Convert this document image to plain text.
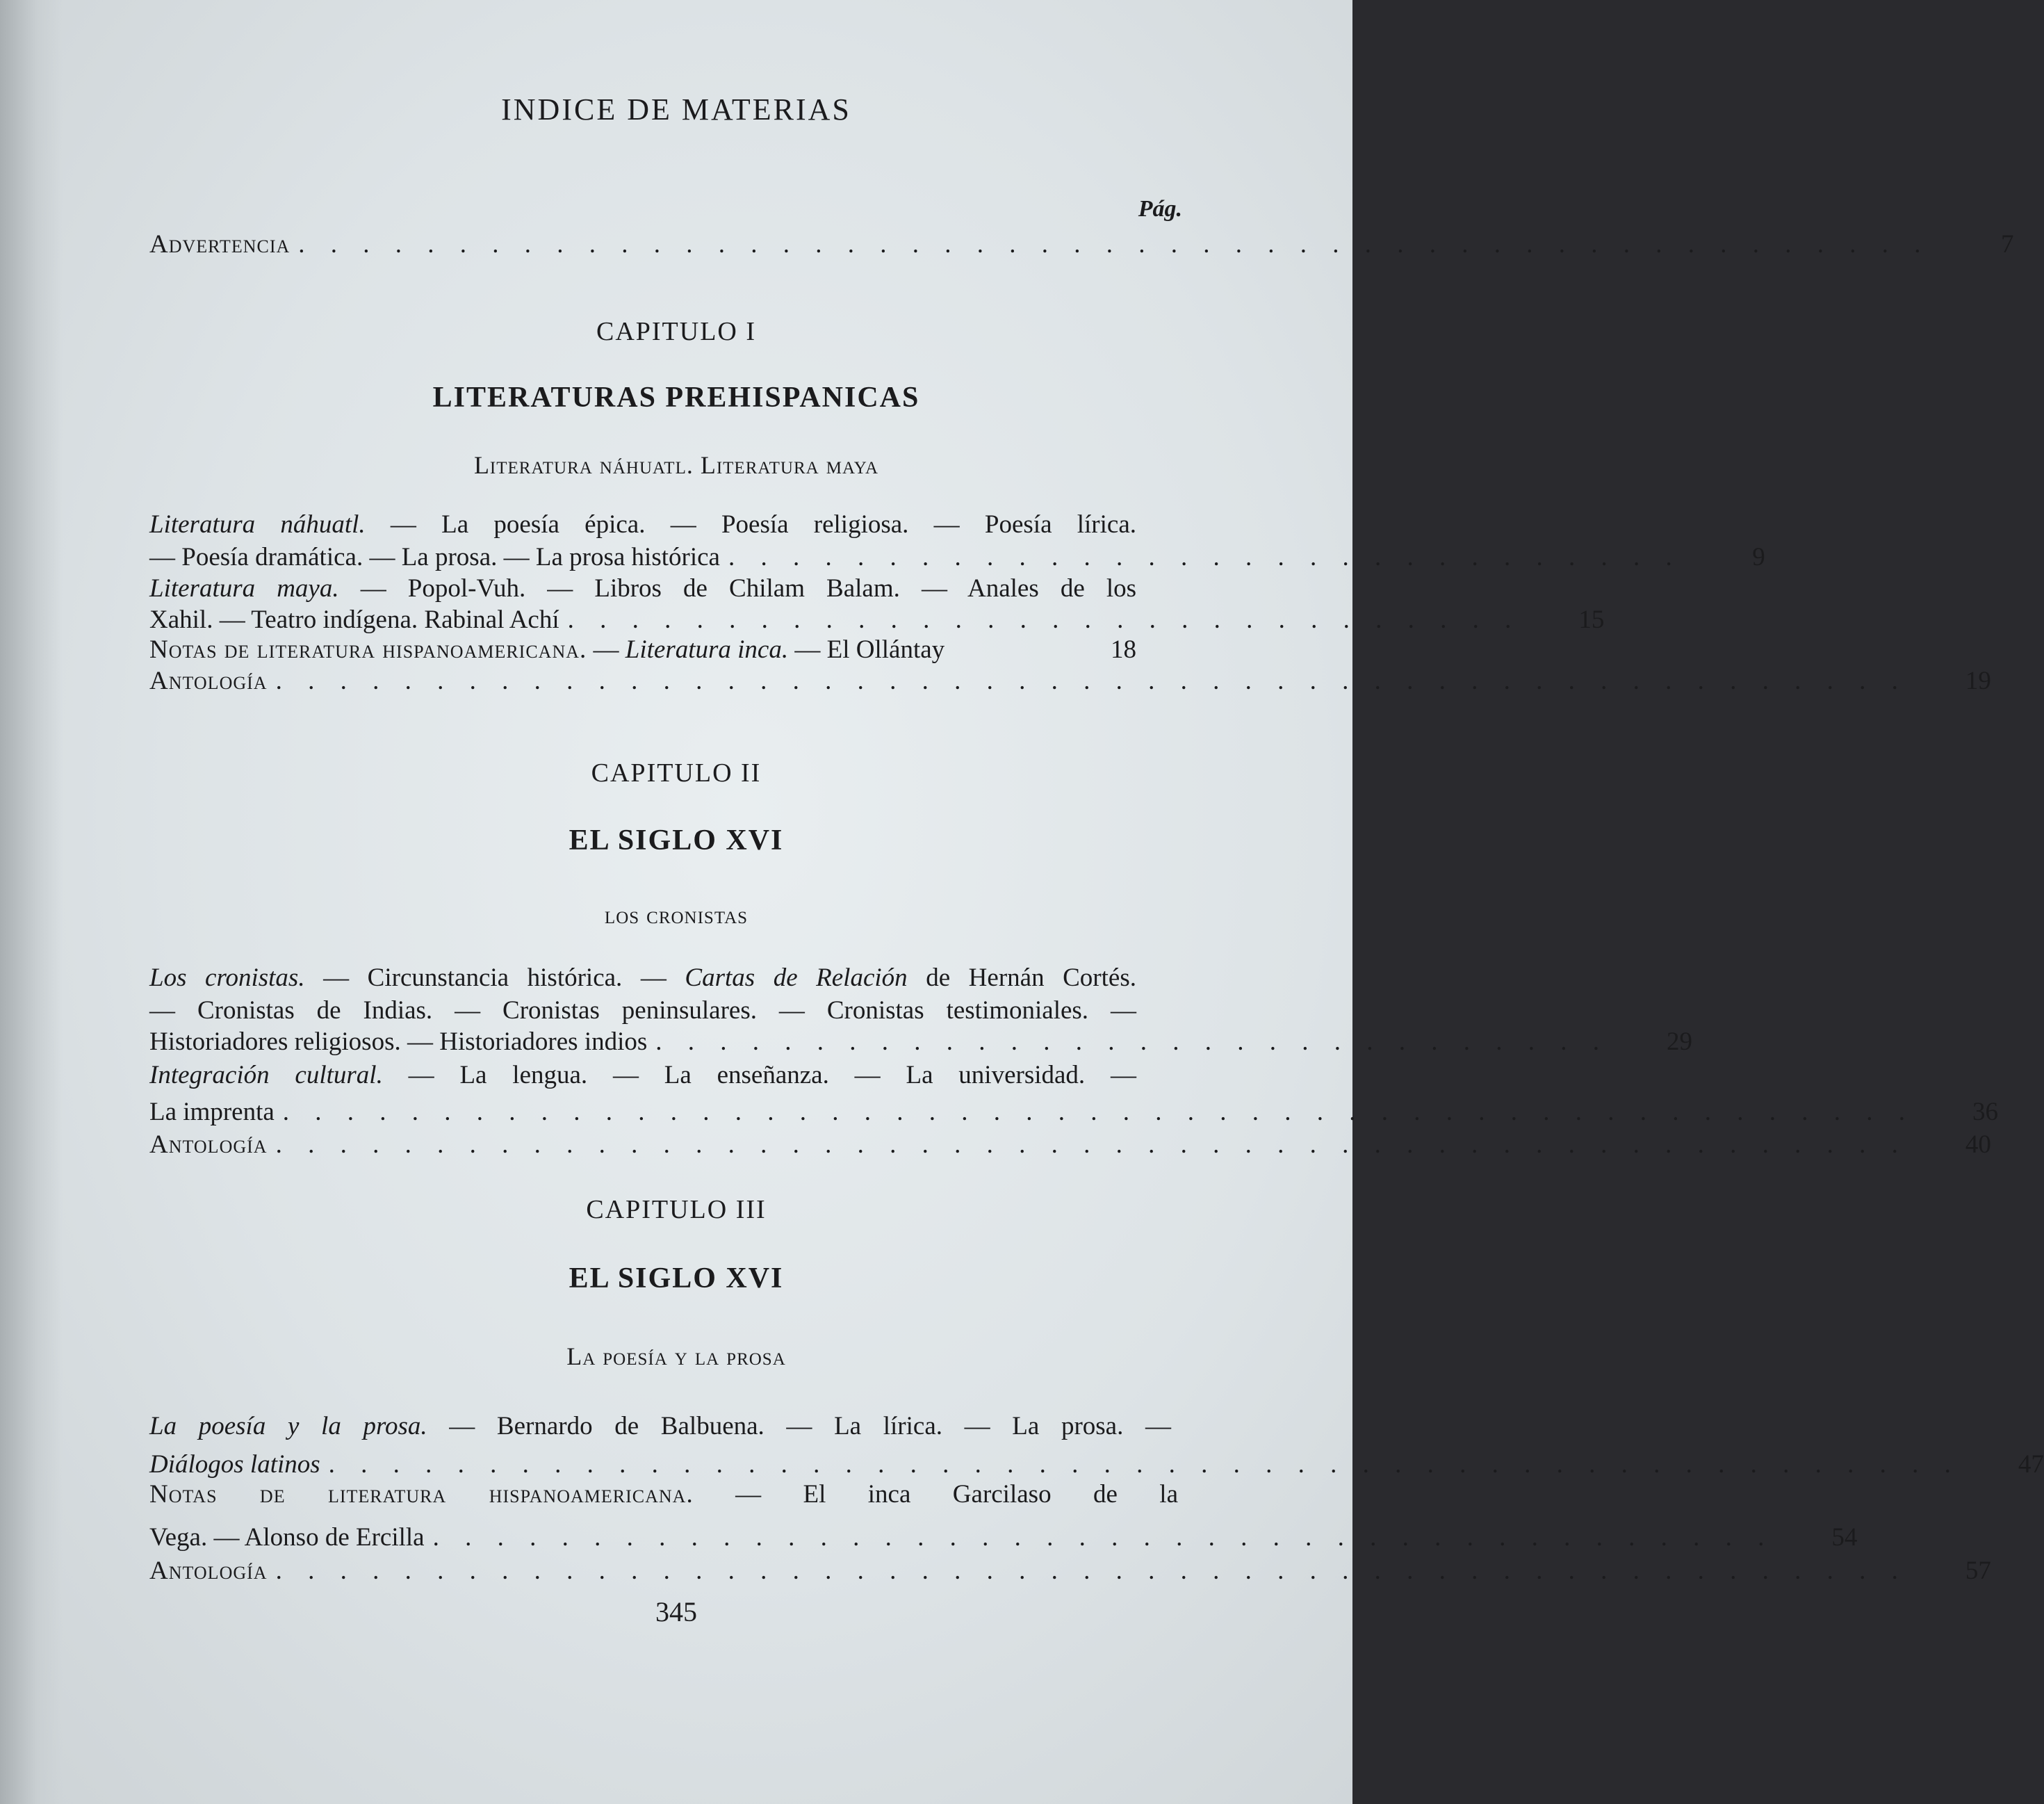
INDICE DE MATERIAS
Pág.
Advertencia . . . . . . . . . . . . . . . . . . . . . . . . . . . . . . . . . . . . . . . . . . . . . . . . . . .	7
CAPITULO I
LITERATURAS PREHISPANICAS
Literatura náhuatl. Literatura maya
Literatura náhuatl. — La poesía épica. — Poesía religiosa. — Poesía lírica.
— Poesía dramática. — La prosa. — La prosa histórica . . . . . . . . . . . . . . . . . . . . . . . . . . . . . .	9
Literatura maya. — Popol-Vuh. — Libros de Chilam Balam. — Anales de los
Xahil. — Teatro indígena. Rabinal Achí . . . . . . . . . . . . . . . . . . . . . . . . . . . . . .	15
Notas de literatura hispanoamericana. — Literatura inca. — El Ollántay	18
Antología . . . . . . . . . . . . . . . . . . . . . . . . . . . . . . . . . . . . . . . . . . . . . . . . . . .	19
CAPITULO II
EL SIGLO XVI
los cronistas
Los cronistas. — Circunstancia histórica. — Cartas de Relación de Hernán Cortés.
— Cronistas de Indias. — Cronistas peninsulares. — Cronistas testimoniales. —
Historiadores religiosos. — Historiadores indios . . . . . . . . . . . . . . . . . . . . . . . . . . . . . .	29
Integración cultural. — La lengua. — La enseñanza. — La universidad. —
La imprenta . . . . . . . . . . . . . . . . . . . . . . . . . . . . . . . . . . . . . . . . . . . . . . . . . . .	36
Antología . . . . . . . . . . . . . . . . . . . . . . . . . . . . . . . . . . . . . . . . . . . . . . . . . . .	40
CAPITULO III
EL SIGLO XVI
La poesía y la prosa
La poesía y la prosa. — Bernardo de Balbuena. — La lírica. — La prosa. —
Diálogos latinos . . . . . . . . . . . . . . . . . . . . . . . . . . . . . . . . . . . . . . . . . . . . . . . . . . .	47
Notas de literatura hispanoamericana. — El inca Garcilaso de la
Vega. — Alonso de Ercilla . . . . . . . . . . . . . . . . . . . . . . . . . . . . . . . . . . . . . . . . . .	54
Antología . . . . . . . . . . . . . . . . . . . . . . . . . . . . . . . . . . . . . . . . . . . . . . . . . . .	57
345
